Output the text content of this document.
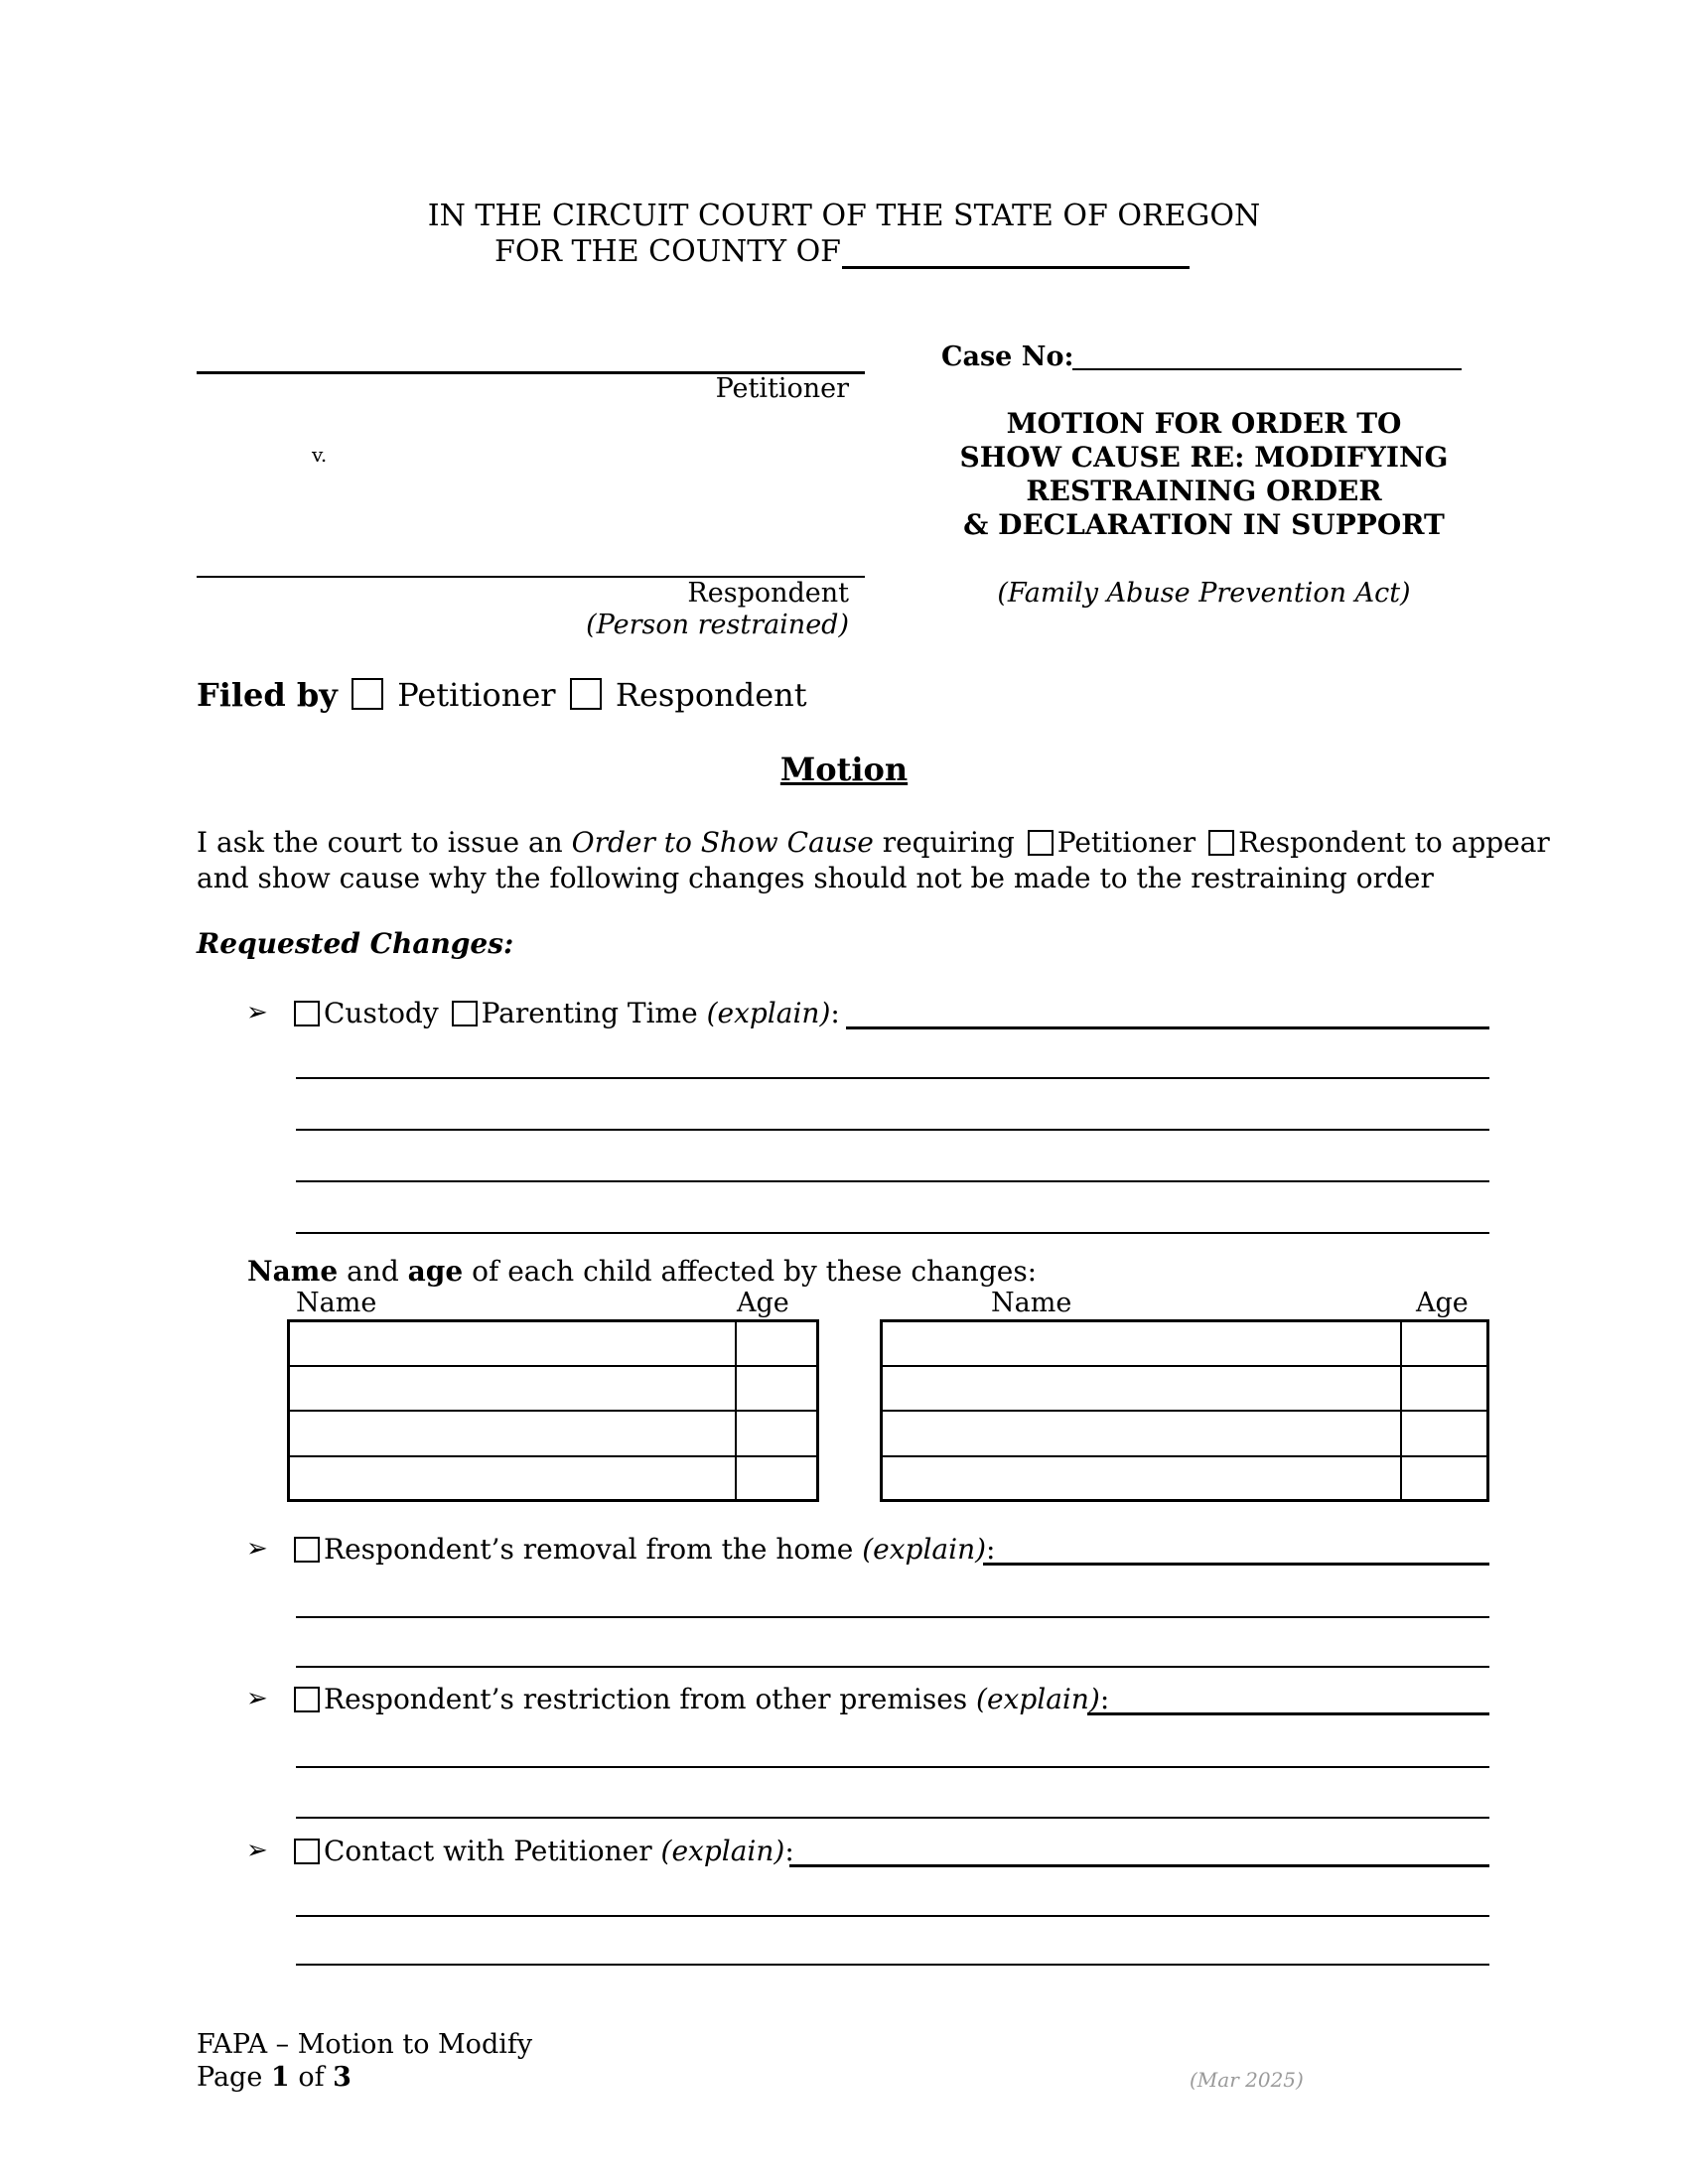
IN THE CIRCUIT COURT OF THE STATE OF OREGON
FOR THE COUNTY OF
Petitioner
v.
Respondent
(Person restrained)
Case No:
MOTION FOR ORDER TO
SHOW CAUSE RE: MODIFYING
RESTRAINING ORDER
& DECLARATION IN SUPPORT
(Family Abuse Prevention Act)
Filed by Petitioner Respondent
Motion
I ask the court to issue an Order to Show Cause requiring Petitioner Respondent to appear
and show cause why the following changes should not be made to the restraining order
Requested Changes:
➢	Custody Parenting Time (explain):
Name and age of each child affected by these changes:
Name	Age	Name	Age
➢	Respondent’s removal from the home (explain):
➢	Respondent’s restriction from other premises (explain):
➢	Contact with Petitioner (explain):
FAPA – Motion to Modify
Page 1 of 3	(Mar 2025)
